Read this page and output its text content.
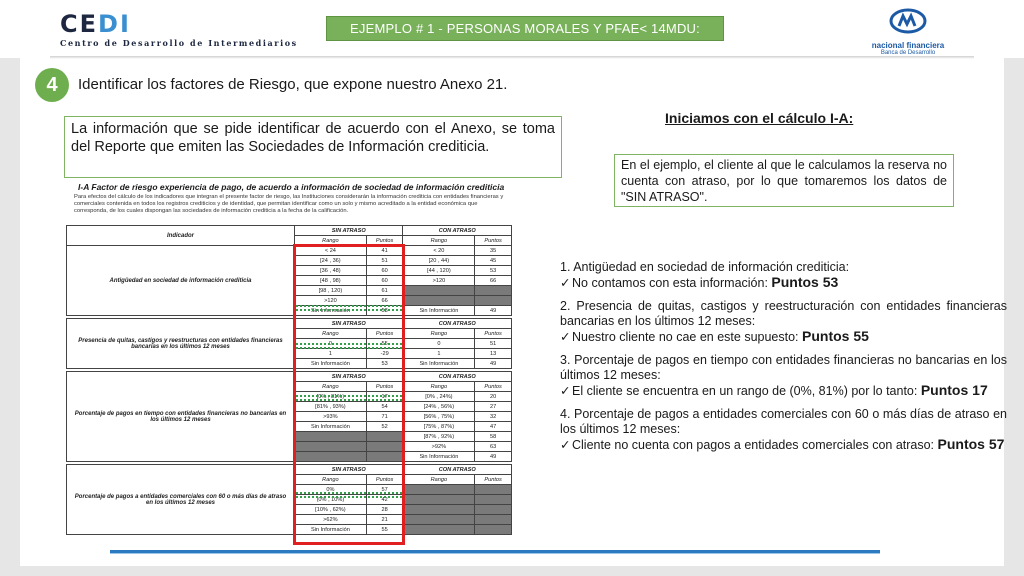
CEDI
Centro de Desarrollo de Intermediarios
EJEMPLO # 1 - PERSONAS MORALES Y PFAE< 14MDU:
nacional financiera
Banca de Desarrollo
4	Identificar los factores de Riesgo, que expone nuestro Anexo 21.
La información que se pide identificar de acuerdo con el Anexo, se toma del Reporte que emiten las Sociedades de Información crediticia.
Iniciamos con el cálculo I-A:
En el ejemplo, el cliente al que le calculamos la reserva no cuenta con atraso, por lo que tomaremos los datos de "SIN ATRASO".
1. Antigüedad en sociedad de información crediticia:
✓ No contamos con esta información: Puntos 53
2. Presencia de quitas, castigos y reestructuración con entidades financieras bancarias en los últimos 12 meses:
✓ Nuestro cliente no cae en este supuesto: Puntos 55
3. Porcentaje de pagos en tiempo con entidades financieras no bancarias en los últimos 12 meses:
✓ El cliente se encuentra en un rango de (0%, 81%) por lo tanto: Puntos 17
4. Porcentaje de pagos a entidades comerciales con 60 o más días de atraso en los últimos 12 meses:
✓ Cliente no cuenta con pagos a entidades comerciales con atraso: Puntos 57
I-A Factor de riesgo experiencia de pago, de acuerdo a información de sociedad de información crediticia
Para efectos del cálculo de los indicadores que integran el presente factor de riesgo, las Instituciones considerarán la información crediticia con entidades financieras y comerciales contenida en todos los registros crediticios y de identidad, que permitan identificar como un solo y mismo acreditado a la entidad económica que corresponda, de los cuales dispongan las sociedades de información crediticia a la fecha de la calificación.
Indicador	SIN ATRASO		CON ATRASO	
	Rango	Puntos	Rango	Puntos
Antigüedad en sociedad de información crediticia	< 24	41	< 20	35
	[24 , 36)	51	[20 , 44)	45
	[36 , 48)	60	[44 , 120)	53
	[48 , 98)	60	>120	66
	[98 , 120)	61		
	>120	66		
	Sin Información	53	Sin Información	49

Presencia de quitas, castigos y reestructuras con entidades financieras bancarias en los últimos 12 meses	SIN ATRASO		CON ATRASO	
	Rango	Puntos	Rango	Puntos
	0	55	0	51
	1	-29	1	13
	Sin Información	53	Sin Información	49

Porcentaje de pagos en tiempo con entidades financieras no bancarias en los últimos 12 meses	SIN ATRASO		CON ATRASO	
	Rango	Puntos	Rango	Puntos
	[0% , 81%)	17	[0% , 24%)	20
	[81% , 93%)	54	[24% , 56%)	27
	>93%	71	[56% , 75%)	32
	Sin Información	52	[75% , 87%)	47
			[87% , 92%)	58
			>92%	63
			Sin Información	49

Porcentaje de pagos a entidades comerciales con 60 o más días de atraso en los últimos 12 meses	SIN ATRASO		CON ATRASO	
	Rango	Puntos	Rango	Puntos
	0%	57		
	(0% , 10%)	42		
	[10% , 62%)	28		
	>62%	21		
	Sin Información	55		
